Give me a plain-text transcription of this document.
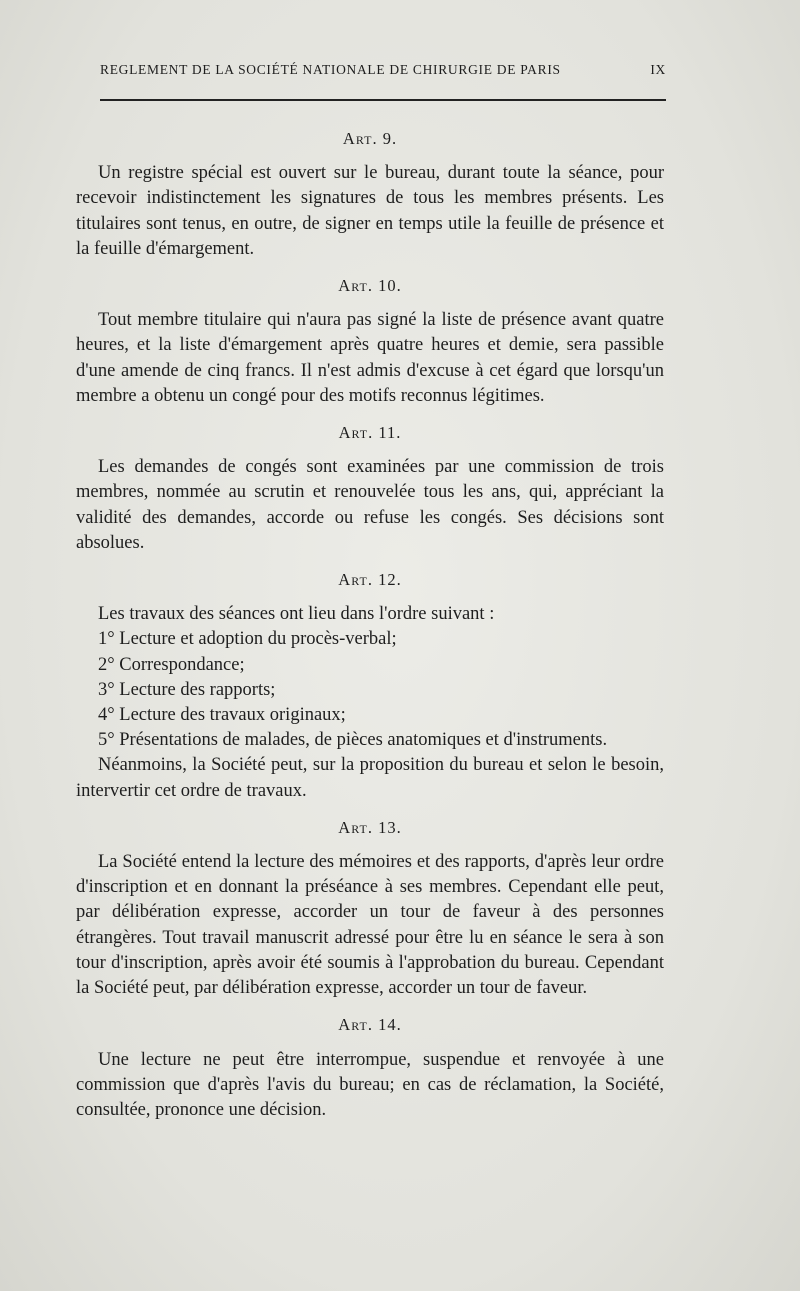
REGLEMENT DE LA SOCIÉTÉ NATIONALE DE CHIRURGIE DE PARIS	IX
Art. 9.

Un registre spécial est ouvert sur le bureau, durant toute la séance, pour recevoir indistinctement les signatures de tous les membres présents. Les titulaires sont tenus, en outre, de signer en temps utile la feuille de présence et la feuille d'émargement.

Art. 10.

Tout membre titulaire qui n'aura pas signé la liste de présence avant quatre heures, et la liste d'émargement après quatre heures et demie, sera passible d'une amende de cinq francs. Il n'est admis d'excuse à cet égard que lorsqu'un membre a obtenu un congé pour des motifs reconnus légitimes.

Art. 11.

Les demandes de congés sont examinées par une commission de trois membres, nommée au scrutin et renouvelée tous les ans, qui, appréciant la validité des demandes, accorde ou refuse les congés. Ses décisions sont absolues.

Art. 12.

Les travaux des séances ont lieu dans l'ordre suivant :

1° Lecture et adoption du procès-verbal;

2° Correspondance;

3° Lecture des rapports;

4° Lecture des travaux originaux;

5° Présentations de malades, de pièces anatomiques et d'instruments.

Néanmoins, la Société peut, sur la proposition du bureau et selon le besoin, intervertir cet ordre de travaux.

Art. 13.

La Société entend la lecture des mémoires et des rapports, d'après leur ordre d'inscription et en donnant la préséance à ses membres. Cependant elle peut, par délibération expresse, accorder un tour de faveur à des personnes étrangères. Tout travail manuscrit adressé pour être lu en séance le sera à son tour d'inscription, après avoir été soumis à l'approbation du bureau. Cependant la Société peut, par délibération expresse, accorder un tour de faveur.

Art. 14.

Une lecture ne peut être interrompue, suspendue et renvoyée à une commission que d'après l'avis du bureau; en cas de réclamation, la Société, consultée, prononce une décision.
